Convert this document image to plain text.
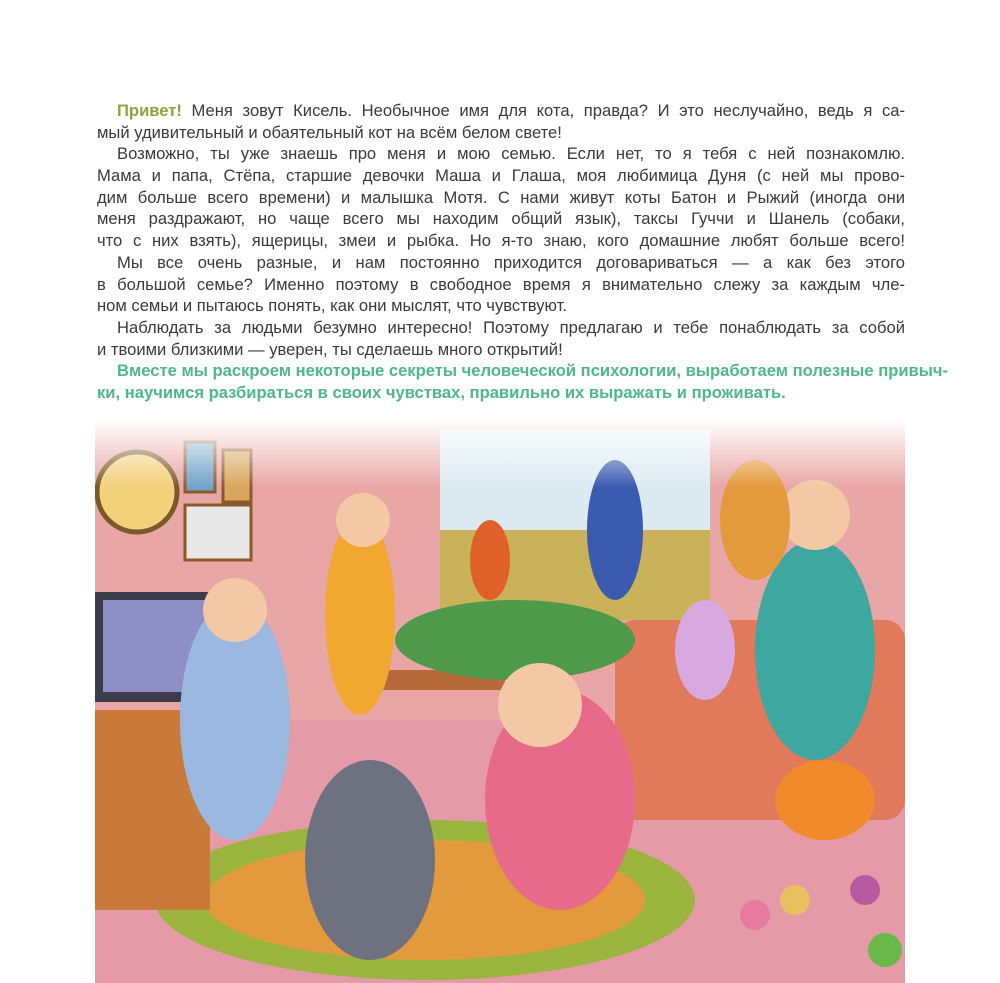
Привет! Меня зовут Кисель. Необычное имя для кота, правда? И это неслучайно, ведь я са-
мый удивительный и обаятельный кот на всём белом свете!
Возможно, ты уже знаешь про меня и мою семью. Если нет, то я тебя с ней познакомлю.
Мама и папа, Стёпа, старшие девочки Маша и Глаша, моя любимица Дуня (с ней мы прово-
дим больше всего времени) и малышка Мотя. С нами живут коты Батон и Рыжий (иногда они
меня раздражают, но чаще всего мы находим общий язык), таксы Гуччи и Шанель (собаки,
что с них взять), ящерицы, змеи и рыбка. Но я-то знаю, кого домашние любят больше всего!
Мы все очень разные, и нам постоянно приходится договариваться — а как без этого
в большой семье? Именно поэтому в свободное время я внимательно слежу за каждым чле-
ном семьи и пытаюсь понять, как они мыслят, что чувствуют.
Наблюдать за людьми безумно интересно! Поэтому предлагаю и тебе понаблюдать за собой
и твоими близкими — уверен, ты сделаешь много открытий!
Вместе мы раскроем некоторые секреты человеческой психологии, выработаем полезные привыч-
ки, научимся разбираться в своих чувствах, правильно их выражать и проживать.
